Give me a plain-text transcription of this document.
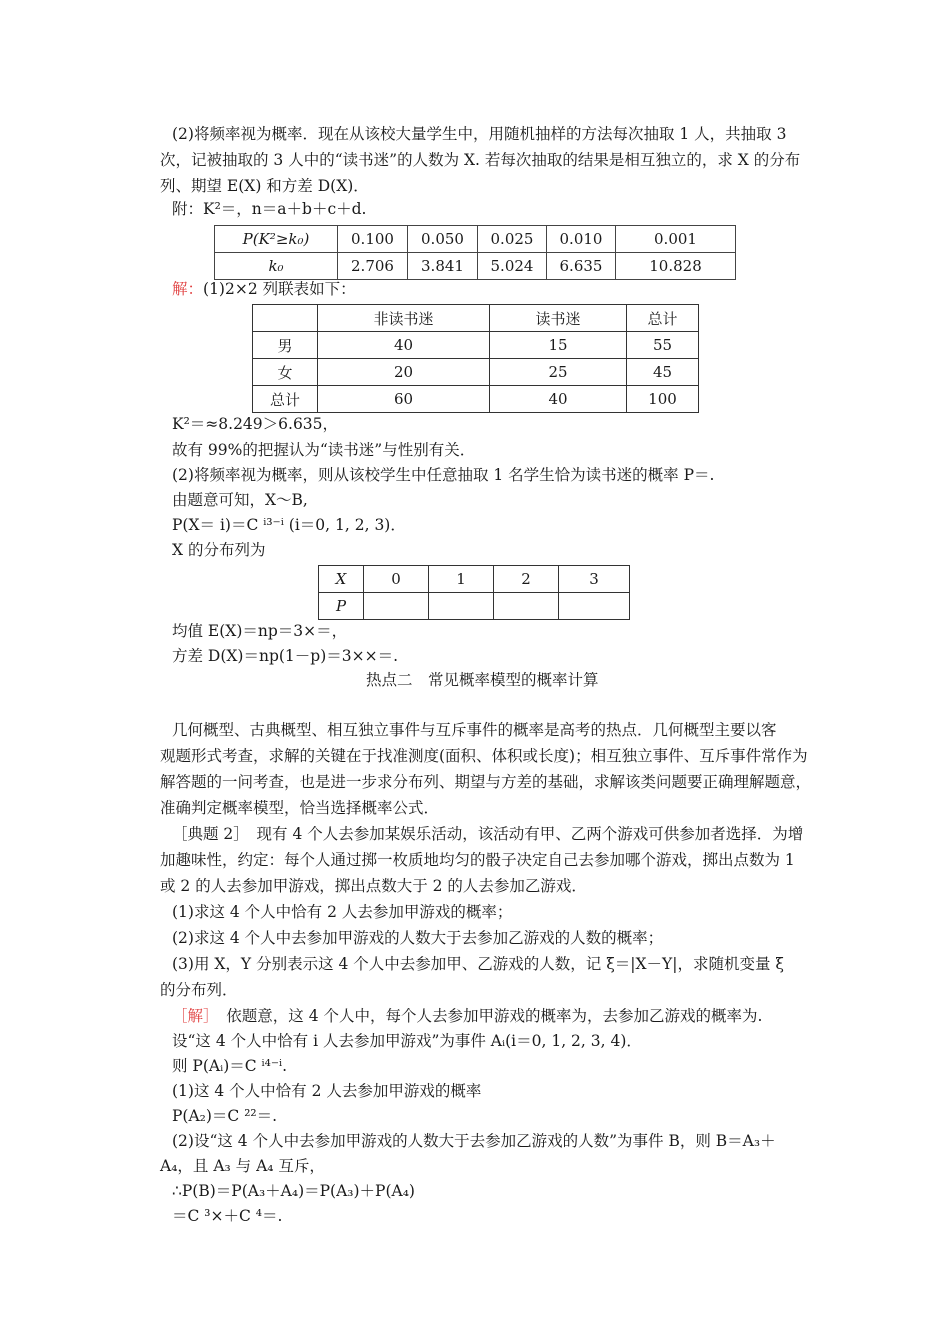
(2)将频率视为概率．现在从该校大量学生中，用随机抽样的方法每次抽取 1 人，共抽取 3
次，记被抽取的 3 人中的“读书迷”的人数为 X. 若每次抽取的结果是相互独立的，求 X 的分布
列、期望 E(X) 和方差 D(X)．
附：K²＝，n＝a＋b＋c＋d.
P(K²≥k₀)	0.100	0.050	0.025	0.010	0.001
k₀	2.706	3.841	5.024	6.635	10.828
解：(1)2×2 列联表如下：
	非读书迷	读书迷	总计
男	40	15	55
女	20	25	45
总计	60	40	100
K²＝≈8.249＞6.635，
故有 99%的把握认为“读书迷”与性别有关．
(2)将频率视为概率，则从该校学生中任意抽取 1 名学生恰为读书迷的概率 P＝.
由题意可知，X～B,
P(X＝ i)＝C ⁱ³⁻ⁱ (i＝0, 1, 2, 3)．
X 的分布列为
X	0	1	2	3
P				
均值 E(X)＝np＝3×＝，
方差 D(X)＝np(1－p)＝3××＝.
热点二　常见概率模型的概率计算
几何概型、古典概型、相互独立事件与互斥事件的概率是高考的热点．几何概型主要以客
观题形式考查，求解的关键在于找准测度(面积、体积或长度)；相互独立事件、互斥事件常作为
解答题的一问考查，也是进一步求分布列、期望与方差的基础，求解该类问题要正确理解题意，
准确判定概率模型，恰当选择概率公式．
［典题 2］　现有 4 个人去参加某娱乐活动，该活动有甲、乙两个游戏可供参加者选择．为增
加趣味性，约定：每个人通过掷一枚质地均匀的骰子决定自己去参加哪个游戏，掷出点数为 1
或 2 的人去参加甲游戏，掷出点数大于 2 的人去参加乙游戏．
(1)求这 4 个人中恰有 2 人去参加甲游戏的概率；
(2)求这 4 个人中去参加甲游戏的人数大于去参加乙游戏的人数的概率；
(3)用 X，Y 分别表示这 4 个人中去参加甲、乙游戏的人数，记 ξ＝|X－Y|，求随机变量 ξ
的分布列．
［解］　依题意，这 4 个人中，每个人去参加甲游戏的概率为，去参加乙游戏的概率为.
设“这 4 个人中恰有 i 人去参加甲游戏”为事件 Aᵢ(i＝0, 1, 2, 3, 4)．
则 P(Aᵢ)＝C ⁱ⁴⁻ⁱ.
(1)这 4 个人中恰有 2 人去参加甲游戏的概率
P(A₂)＝C ²²＝.
(2)设“这 4 个人中去参加甲游戏的人数大于去参加乙游戏的人数”为事件 B，则 B＝A₃＋
A₄，且 A₃ 与 A₄ 互斥，
∴P(B)＝P(A₃＋A₄)＝P(A₃)＋P(A₄)
＝C ³×＋C ⁴＝.
